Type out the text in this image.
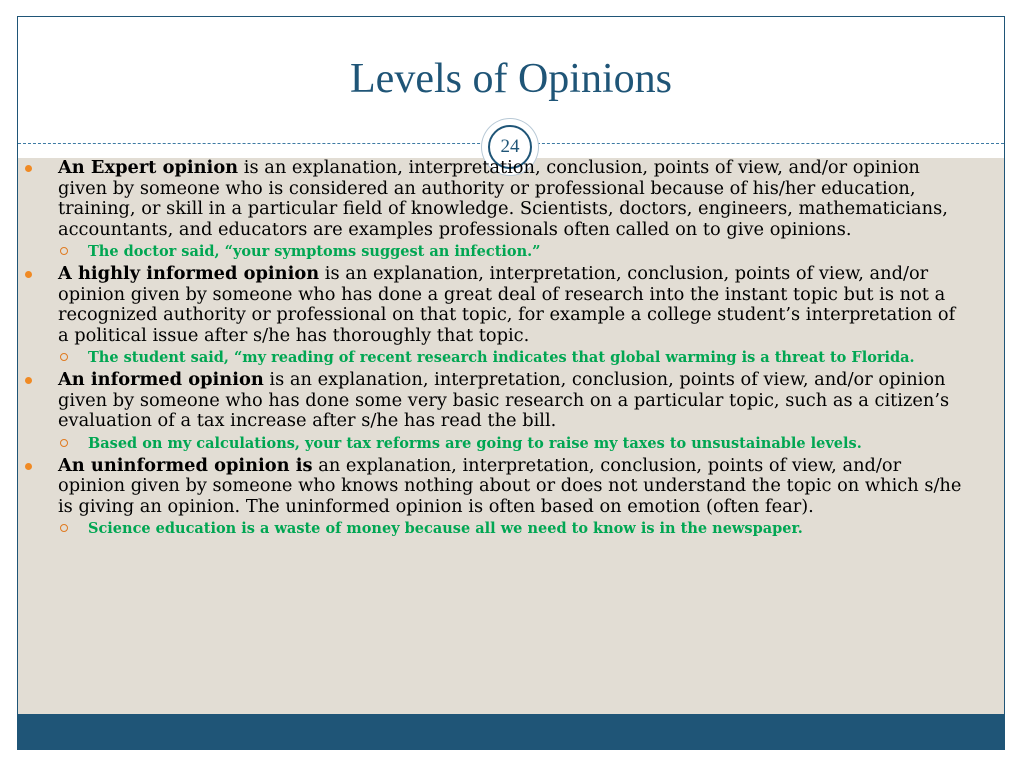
Levels of Opinions
24
An Expert opinion is an explanation, interpretation, conclusion, points of view, and/or opinion given by someone who is considered an authority or professional because of his/her education, training, or skill in a particular field of knowledge. Scientists, doctors, engineers, mathematicians, accountants, and educators are examples professionals often called on to give opinions.
The doctor said, “your symptoms suggest an infection.”
A highly informed opinion is an explanation, interpretation, conclusion, points of view, and/or opinion given by someone who has done a great deal of research into the instant topic but is not a recognized authority or professional on that topic, for example a college student’s interpretation of a political issue after s/he has thoroughly that topic.
The student said, “my reading of recent research indicates that global warming is a threat to Florida.
An informed opinion is an explanation, interpretation, conclusion, points of view, and/or opinion given by someone who has done some very basic research on a particular topic, such as a citizen’s evaluation of a tax increase after s/he has read the bill.
Based on my calculations, your tax reforms are going to raise my taxes to unsustainable levels.
An uninformed opinion is an explanation, interpretation, conclusion, points of view, and/or opinion given by someone who knows nothing about or does not understand the topic on which s/he is giving an opinion. The uninformed opinion is often based on emotion (often fear).
Science education is a waste of money because all we need to know is in the newspaper.
